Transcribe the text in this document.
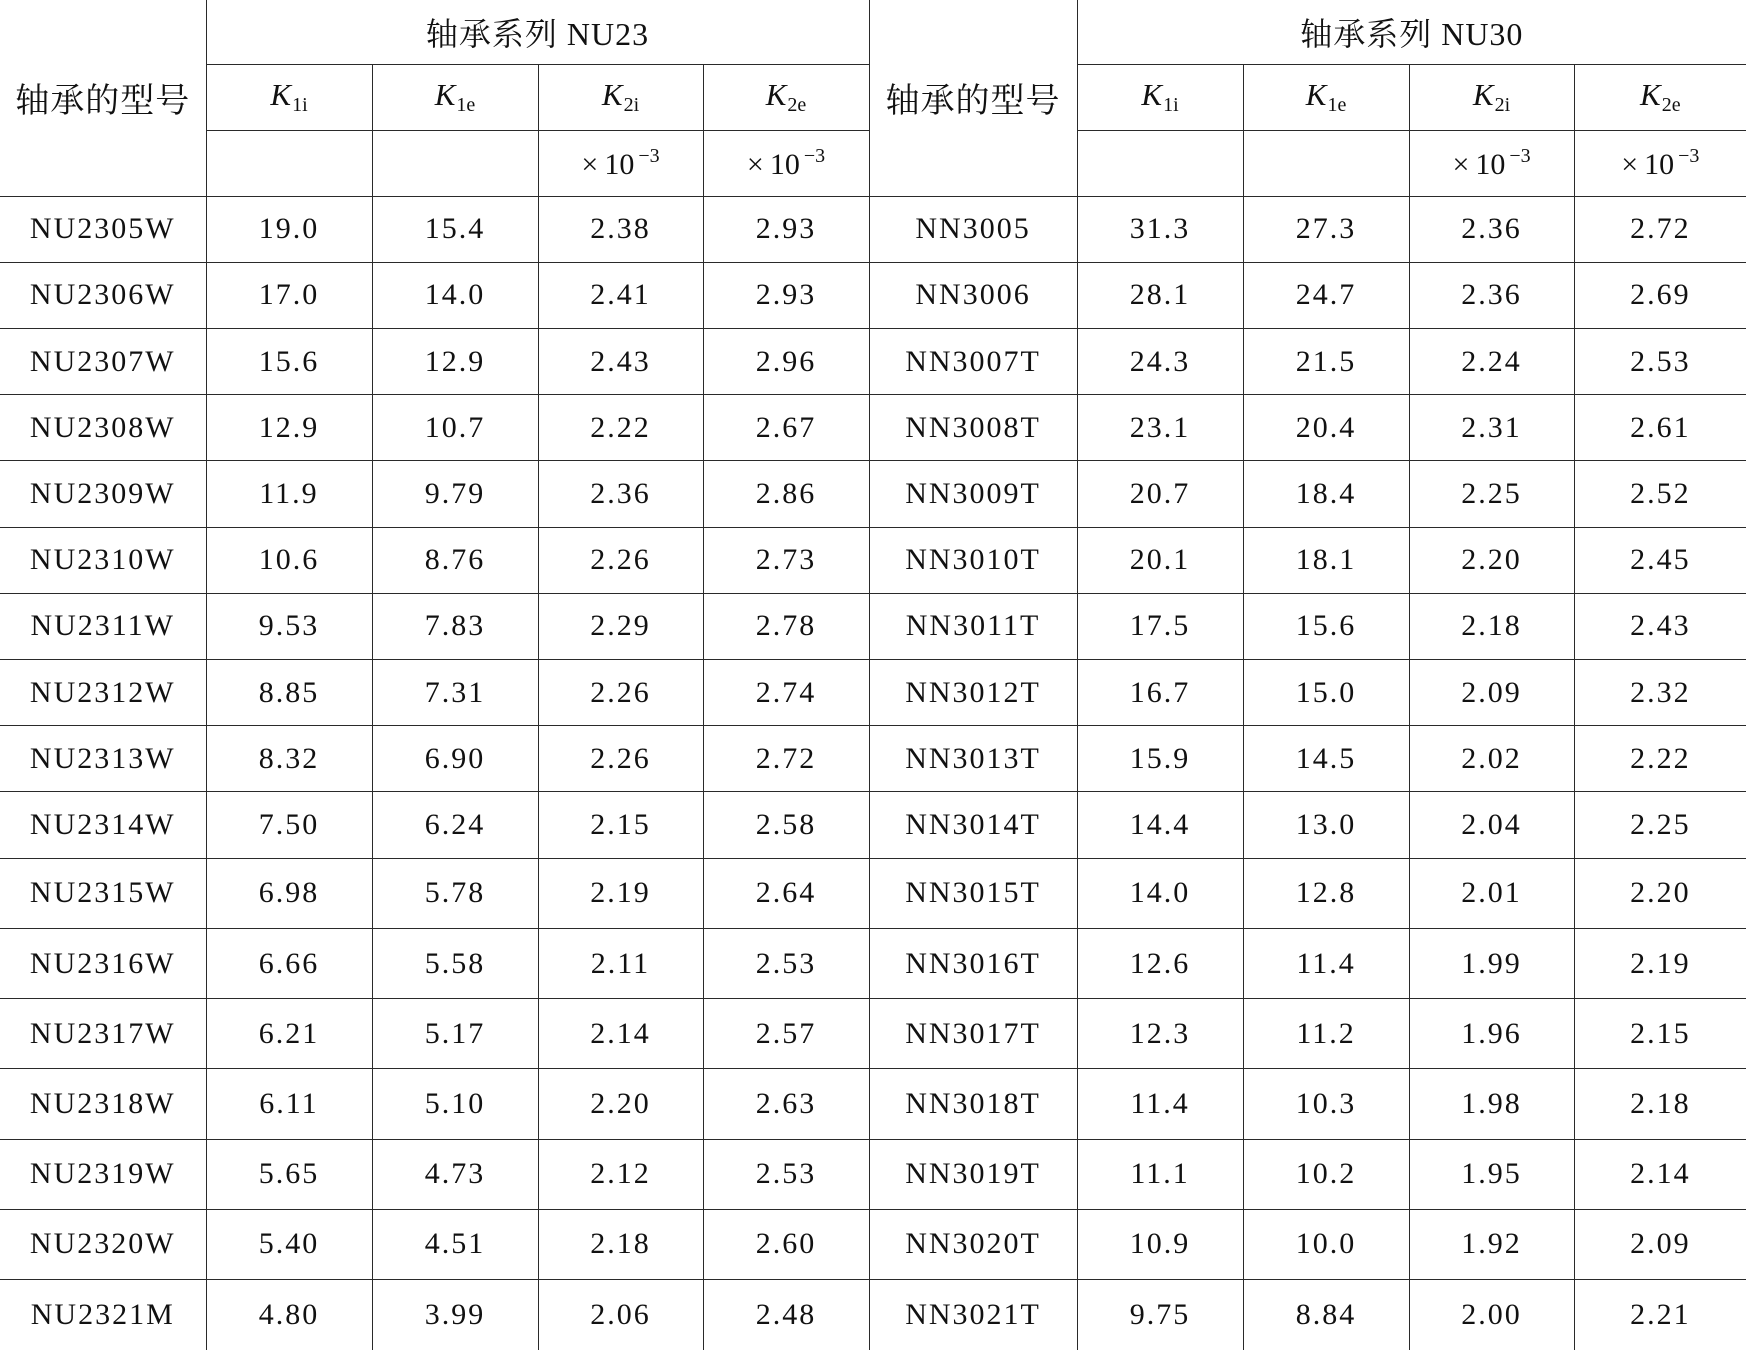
轴承的型号	轴承系列 NU23				轴承的型号	轴承系列 NU30			
	$K_{1i}$	$K_{1e}$	$K_{2i}$	$K_{2e}$		$K_{1i}$	$K_{1e}$	$K_{2i}$	$K_{2e}$
			× 10 $^{-3}$	× 10 $^{-3}$				× 10 $^{-3}$	× 10 $^{-3}$
NU2305W	19.0	15.4	2.38	2.93	NN3005	31.3	27.3	2.36	2.72
NU2306W	17.0	14.0	2.41	2.93	NN3006	28.1	24.7	2.36	2.69
NU2307W	15.6	12.9	2.43	2.96	NN3007T	24.3	21.5	2.24	2.53
NU2308W	12.9	10.7	2.22	2.67	NN3008T	23.1	20.4	2.31	2.61
NU2309W	11.9	9.79	2.36	2.86	NN3009T	20.7	18.4	2.25	2.52
NU2310W	10.6	8.76	2.26	2.73	NN3010T	20.1	18.1	2.20	2.45
NU2311W	9.53	7.83	2.29	2.78	NN3011T	17.5	15.6	2.18	2.43
NU2312W	8.85	7.31	2.26	2.74	NN3012T	16.7	15.0	2.09	2.32
NU2313W	8.32	6.90	2.26	2.72	NN3013T	15.9	14.5	2.02	2.22
NU2314W	7.50	6.24	2.15	2.58	NN3014T	14.4	13.0	2.04	2.25
NU2315W	6.98	5.78	2.19	2.64	NN3015T	14.0	12.8	2.01	2.20
NU2316W	6.66	5.58	2.11	2.53	NN3016T	12.6	11.4	1.99	2.19
NU2317W	6.21	5.17	2.14	2.57	NN3017T	12.3	11.2	1.96	2.15
NU2318W	6.11	5.10	2.20	2.63	NN3018T	11.4	10.3	1.98	2.18
NU2319W	5.65	4.73	2.12	2.53	NN3019T	11.1	10.2	1.95	2.14
NU2320W	5.40	4.51	2.18	2.60	NN3020T	10.9	10.0	1.92	2.09
NU2321M	4.80	3.99	2.06	2.48	NN3021T	9.75	8.84	2.00	2.21
